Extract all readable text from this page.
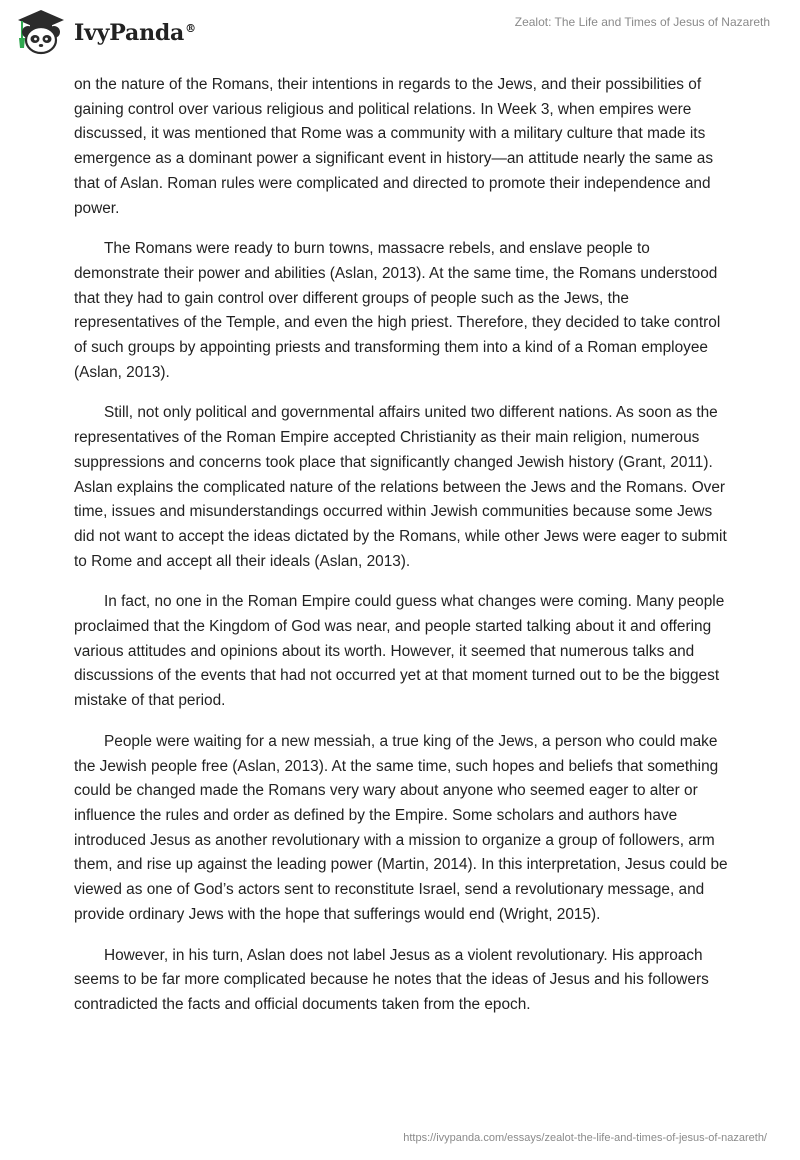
IvyPanda®	Zealot: The Life and Times of Jesus of Nazareth

on the nature of the Romans, their intentions in regards to the Jews, and their possibilities of gaining control over various religious and political relations. In Week 3, when empires were discussed, it was mentioned that Rome was a community with a military culture that made its emergence as a dominant power a significant event in history—an attitude nearly the same as that of Aslan. Roman rules were complicated and directed to promote their independence and power.

The Romans were ready to burn towns, massacre rebels, and enslave people to demonstrate their power and abilities (Aslan, 2013). At the same time, the Romans understood that they had to gain control over different groups of people such as the Jews, the representatives of the Temple, and even the high priest. Therefore, they decided to take control of such groups by appointing priests and transforming them into a kind of a Roman employee (Aslan, 2013).

Still, not only political and governmental affairs united two different nations. As soon as the representatives of the Roman Empire accepted Christianity as their main religion, numerous suppressions and concerns took place that significantly changed Jewish history (Grant, 2011). Aslan explains the complicated nature of the relations between the Jews and the Romans. Over time, issues and misunderstandings occurred within Jewish communities because some Jews did not want to accept the ideas dictated by the Romans, while other Jews were eager to submit to Rome and accept all their ideals (Aslan, 2013).

In fact, no one in the Roman Empire could guess what changes were coming. Many people proclaimed that the Kingdom of God was near, and people started talking about it and offering various attitudes and opinions about its worth. However, it seemed that numerous talks and discussions of the events that had not occurred yet at that moment turned out to be the biggest mistake of that period.

People were waiting for a new messiah, a true king of the Jews, a person who could make the Jewish people free (Aslan, 2013). At the same time, such hopes and beliefs that something could be changed made the Romans very wary about anyone who seemed eager to alter or influence the rules and order as defined by the Empire. Some scholars and authors have introduced Jesus as another revolutionary with a mission to organize a group of followers, arm them, and rise up against the leading power (Martin, 2014). In this interpretation, Jesus could be viewed as one of God’s actors sent to reconstitute Israel, send a revolutionary message, and provide ordinary Jews with the hope that sufferings would end (Wright, 2015).

However, in his turn, Aslan does not label Jesus as a violent revolutionary. His approach seems to be far more complicated because he notes that the ideas of Jesus and his followers contradicted the facts and official documents taken from the epoch.

https://ivypanda.com/essays/zealot-the-life-and-times-of-jesus-of-nazareth/
